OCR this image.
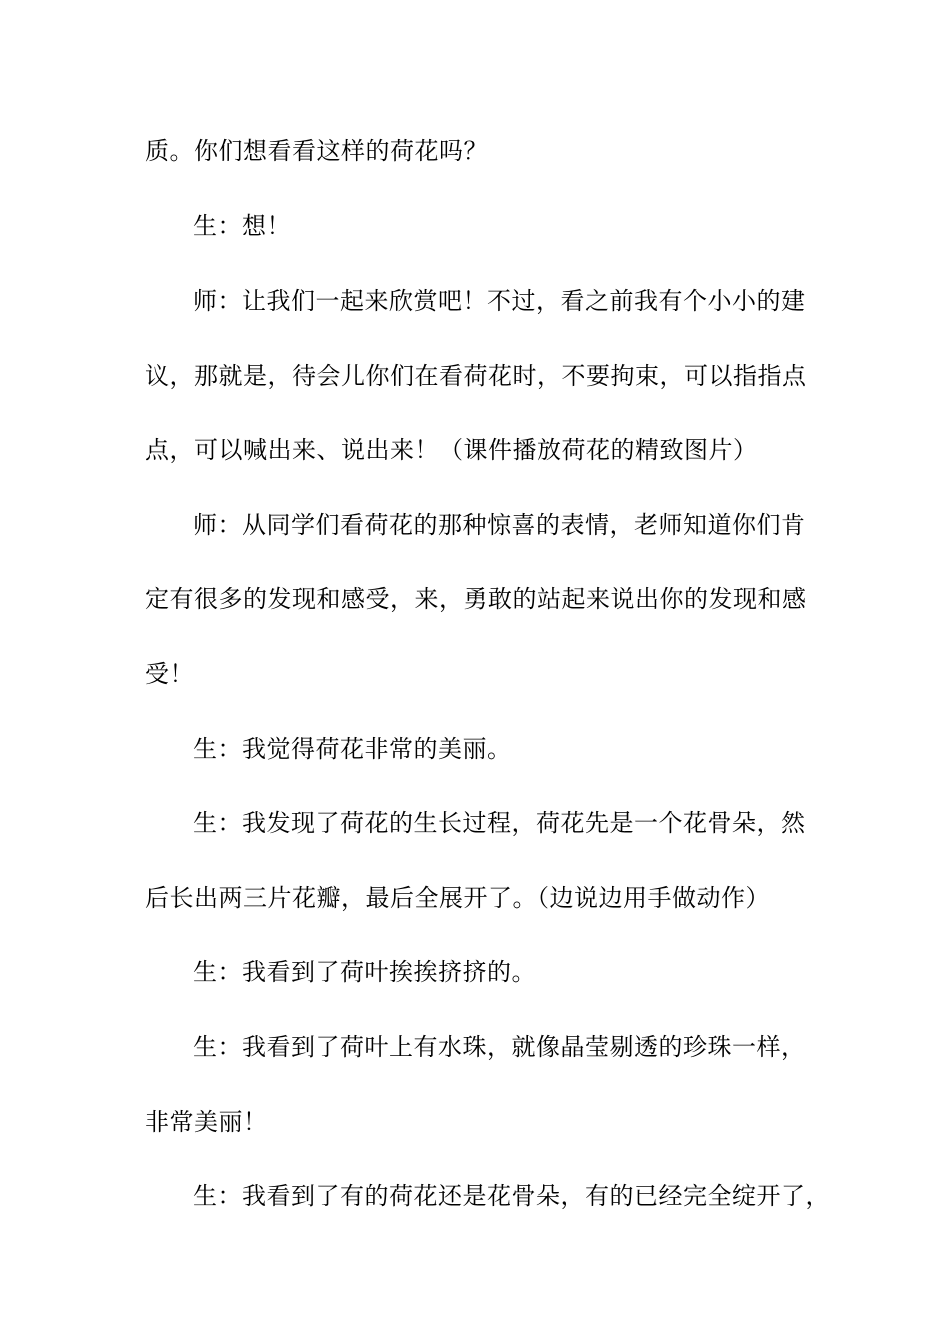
质。你们想看看这样的荷花吗？
生：想！
师：让我们一起来欣赏吧！不过，看之前我有个小小的建
议，那就是，待会儿你们在看荷花时，不要拘束，可以指指点
点，可以喊出来、说出来！（课件播放荷花的精致图片）
师：从同学们看荷花的那种惊喜的表情，老师知道你们肯
定有很多的发现和感受，来，勇敢的站起来说出你的发现和感
受！
生：我觉得荷花非常的美丽。
生：我发现了荷花的生长过程，荷花先是一个花骨朵，然
后长出两三片花瓣，最后全展开了。（边说边用手做动作）
生：我看到了荷叶挨挨挤挤的。
生：我看到了荷叶上有水珠，就像晶莹剔透的珍珠一样，
非常美丽！
生：我看到了有的荷花还是花骨朵，有的已经完全绽开了，
